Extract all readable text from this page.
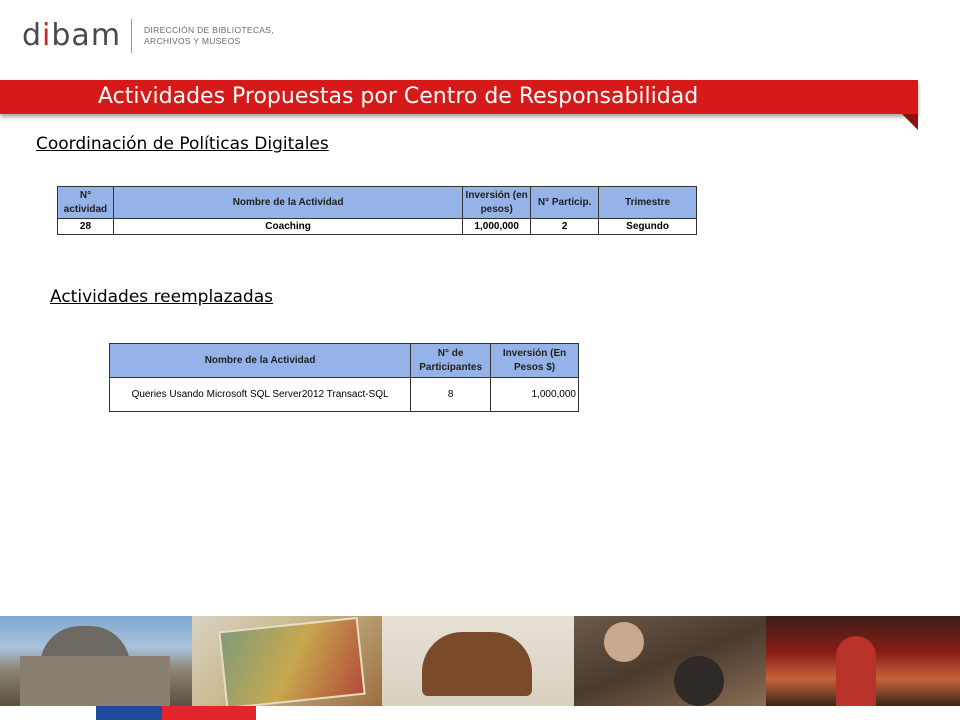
dibam	DIRECCIÓN DE BIBLIOTECAS,
ARCHIVOS Y MUSEOS
Actividades Propuestas por Centro de Responsabilidad
Coordinación de Políticas Digitales
N° actividad	Nombre de la Actividad	Inversión (en pesos)	N° Particip.	Trimestre
28	Coaching	1,000,000	2	Segundo
Actividades reemplazadas
Nombre de la Actividad	N° de Participantes	Inversión (En Pesos $)
Queries Usando Microsoft SQL Server2012 Transact-SQL	8	1,000,000
